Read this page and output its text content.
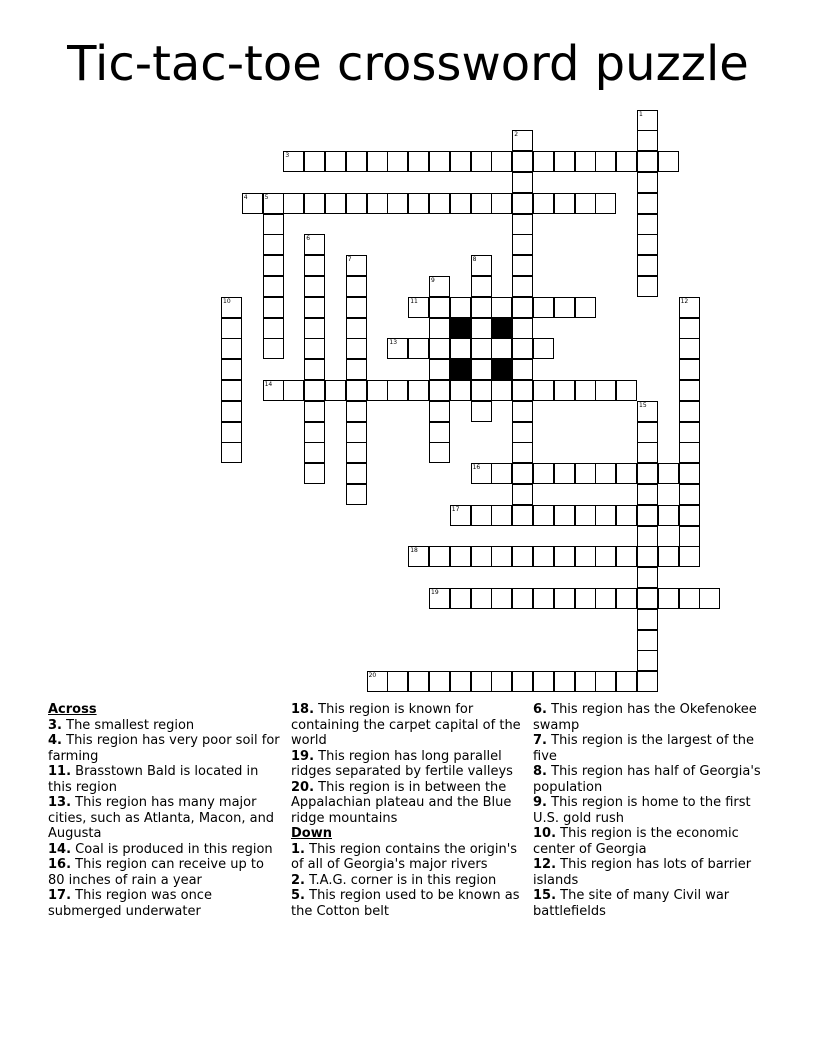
Tic-tac-toe crossword puzzle
1
2
3
4	5
6
7	8
9
10	11	12
13
14
15
16
17
18
19
20
Across
3. The smallest region
4. This region has very poor soil for farming
11. Brasstown Bald is located in this region
13. This region has many major cities, such as Atlanta, Macon, and Augusta
14. Coal is produced in this region
16. This region can receive up to 80 inches of rain a year
17. This region was once submerged underwater
18. This region is known for containing the carpet capital of the world
19. This region has long parallel ridges separated by fertile valleys
20. This region is in between the Appalachian plateau and the Blue ridge mountains
Down
1. This region contains the origin's of all of Georgia's major rivers
2. T.A.G. corner is in this region
5. This region used to be known as the Cotton belt
6. This region has the Okefenokee swamp
7. This region is the largest of the five
8. This region has half of Georgia's population
9. This region is home to the first U.S. gold rush
10. This region is the economic center of Georgia
12. This region has lots of barrier islands
15. The site of many Civil war battlefields
